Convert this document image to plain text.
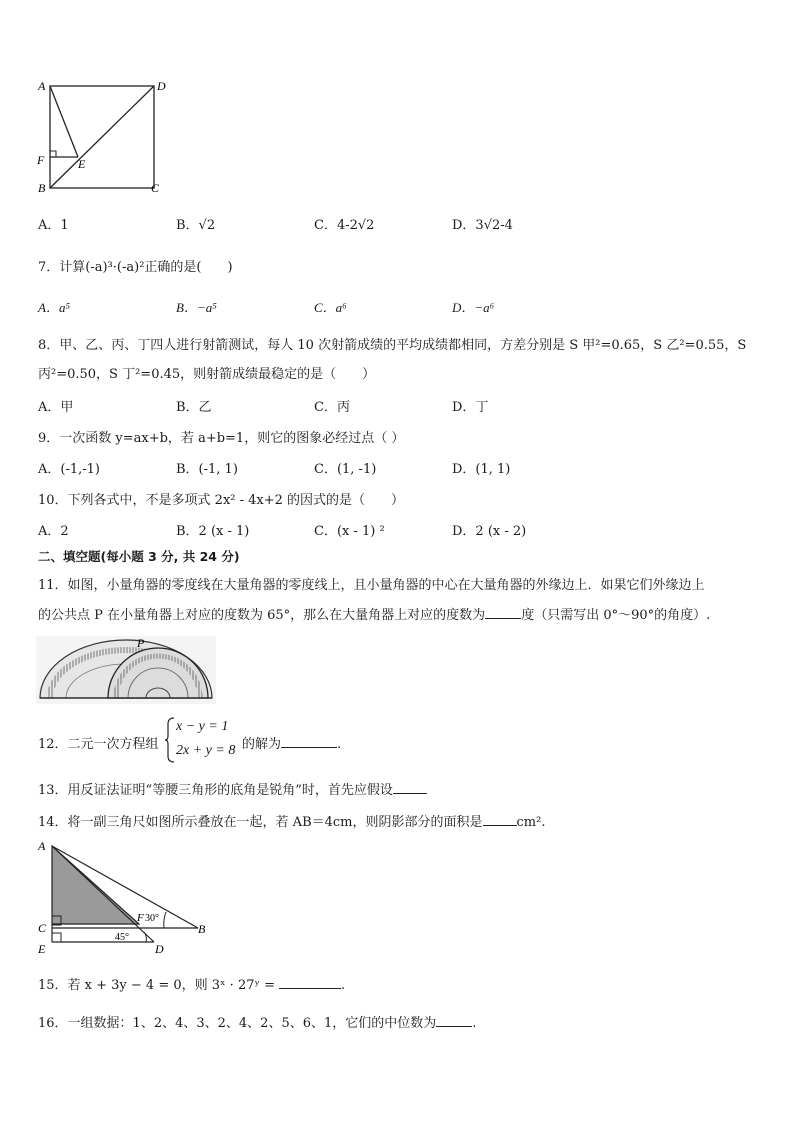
A	D
F	E
B	C
A．1	B．√2	C．4-2√2	D．3√2-4
7．计算(-a)³·(-a)²正确的是(　　)
A．a⁵	B．−a⁵	C．a⁶	D．−a⁶
8．甲、乙、丙、丁四人进行射箭测试，每人 10 次射箭成绩的平均成绩都相同，方差分别是 S 甲²=0.65，S 乙²=0.55，S
丙²=0.50，S 丁²=0.45，则射箭成绩最稳定的是（　　）
A．甲	B．乙	C．丙	D．丁
9．一次函数 y=ax+b，若 a+b=1，则它的图象必经过点（ ）
A．(-1,-1)	B．(-1, 1)	C．(1, -1)	D．(1, 1)
10．下列各式中，不是多项式 2x² - 4x+2 的因式的是（　　）
A．2	B．2 (x - 1)	C．(x - 1) ²	D．2 (x - 2)
二、填空题(每小题 3 分, 共 24 分)
11．如图，小量角器的零度线在大量角器的零度线上，且小量角器的中心在大量角器的外缘边上．如果它们外缘边上
的公共点 P 在小量角器上对应的度数为 65°，那么在大量角器上对应的度数为	度（只需写出 0°～90°的角度）.
P
12．二元一次方程组
x − y = 1
2x + y = 8 的解为	.
13．用反证法证明“等腰三角形的底角是锐角”时，首先应假设
14．将一副三角尺如图所示叠放在一起，若 AB＝4cm，则阴影部分的面积是	cm².
A
C
E
F 30°
B
45°
D
15．若 x + 3y − 4 = 0，则 3ˣ · 27ʸ =	.
16．一组数据：1、2、4、3、2、4、2、5、6、1，它们的中位数为	.
